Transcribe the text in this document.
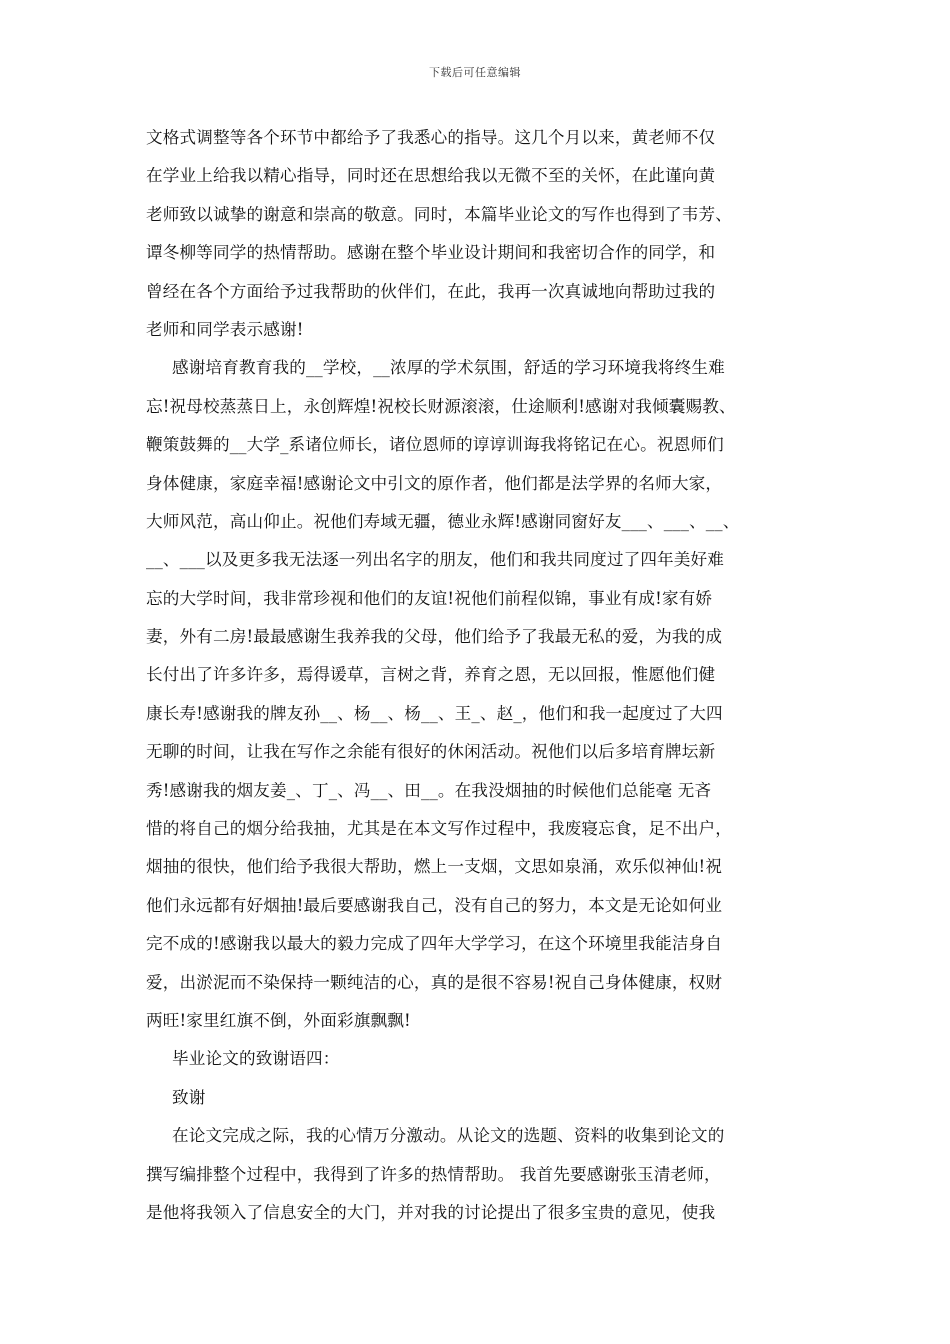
下载后可任意编辑
文格式调整等各个环节中都给予了我悉心的指导。这几个月以来，黄老师不仅
在学业上给我以精心指导，同时还在思想给我以无微不至的关怀，在此谨向黄
老师致以诚挚的谢意和崇高的敬意。同时，本篇毕业论文的写作也得到了韦芳、
谭冬柳等同学的热情帮助。感谢在整个毕业设计期间和我密切合作的同学，和
曾经在各个方面给予过我帮助的伙伴们，在此，我再一次真诚地向帮助过我的
老师和同学表示感谢!
感谢培育教育我的__学校，__浓厚的学术氛围，舒适的学习环境我将终生难
忘!祝母校蒸蒸日上，永创辉煌!祝校长财源滚滚，仕途顺利!感谢对我倾囊赐教、
鞭策鼓舞的__大学_系诸位师长，诸位恩师的谆谆训诲我将铭记在心。祝恩师们
身体健康，家庭幸福!感谢论文中引文的原作者，他们都是法学界的名师大家，
大师风范，高山仰止。祝他们寿域无疆，德业永辉!感谢同窗好友___、___、__、
__、___以及更多我无法逐一列出名字的朋友，他们和我共同度过了四年美好难
忘的大学时间，我非常珍视和他们的友谊!祝他们前程似锦，事业有成!家有娇
妻，外有二房!最最感谢生我养我的父母，他们给予了我最无私的爱，为我的成
长付出了许多许多，焉得谖草，言树之背，养育之恩，无以回报，惟愿他们健
康长寿!感谢我的牌友孙__、杨__、杨__、王_、赵_，他们和我一起度过了大四
无聊的时间，让我在写作之余能有很好的休闲活动。祝他们以后多培育牌坛新
秀!感谢我的烟友姜_、丁_、冯__、田__。在我没烟抽的时候他们总能毫 无吝
惜的将自己的烟分给我抽，尤其是在本文写作过程中，我废寝忘食，足不出户，
烟抽的很快，他们给予我很大帮助，燃上一支烟，文思如泉涌，欢乐似神仙!祝
他们永远都有好烟抽!最后要感谢我自己，没有自己的努力，本文是无论如何业
完不成的!感谢我以最大的毅力完成了四年大学学习，在这个环境里我能洁身自
爱，出淤泥而不染保持一颗纯洁的心，真的是很不容易!祝自己身体健康，权财
两旺!家里红旗不倒，外面彩旗飘飘!
毕业论文的致谢语四：
致谢
在论文完成之际，我的心情万分激动。从论文的选题、资料的收集到论文的
撰写编排整个过程中，我得到了许多的热情帮助。 我首先要感谢张玉清老师，
是他将我领入了信息安全的大门，并对我的讨论提出了很多宝贵的意见，使我
